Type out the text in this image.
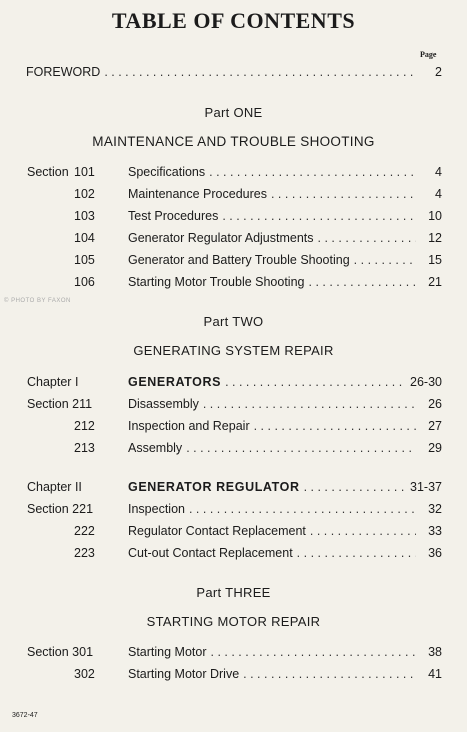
TABLE OF CONTENTS
Page
FOREWORD . . .	2
Part ONE
MAINTENANCE AND TROUBLE SHOOTING
Section 101	Specifications . . .	4
102	Maintenance Procedures . . .	4
103	Test Procedures . . .	10
104	Generator Regulator Adjustments . . .	12
105	Generator and Battery Trouble Shooting . . .	15
106	Starting Motor Trouble Shooting . . .	21
© PHOTO BY FAXON
Part TWO
GENERATING SYSTEM REPAIR
Chapter I	GENERATORS . . .	26-30
Section 211	Disassembly . . .	26
212	Inspection and Repair . . .	27
213	Assembly . . .	29
Chapter II	GENERATOR REGULATOR . . .	31-37
Section 221	Inspection . . .	32
222	Regulator Contact Replacement . . .	33
223	Cut-out Contact Replacement . . .	36
Part THREE
STARTING MOTOR REPAIR
Section 301	Starting Motor . . .	38
302	Starting Motor Drive . . .	41
3672-47
